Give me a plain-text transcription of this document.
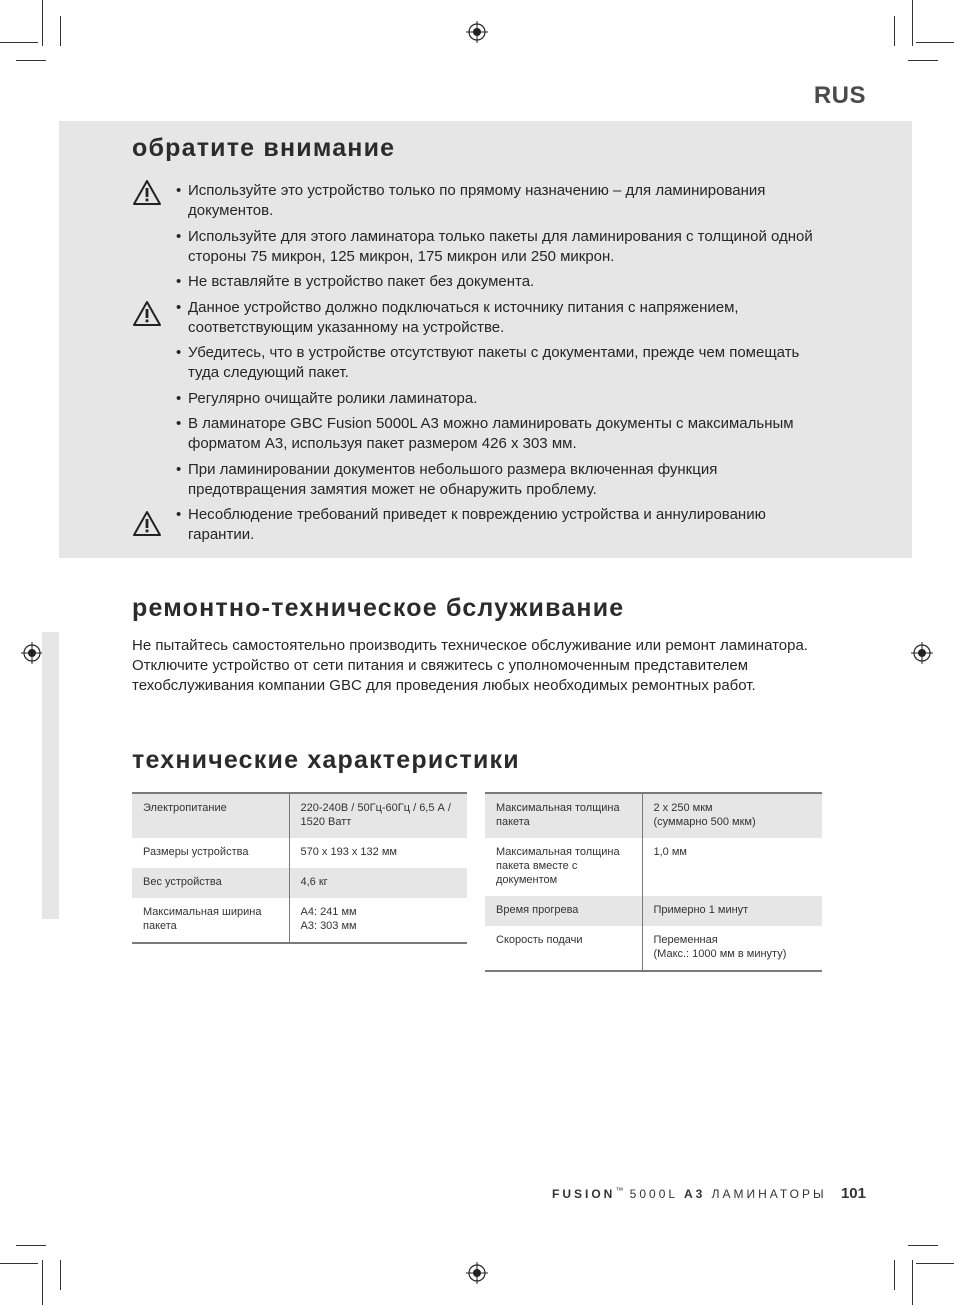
RUS
обратите внимание
• Используйте это устройство только по прямому назначению – для ламинирования документов.
• Используйте для этого ламинатора только пакеты для ламинирования с толщиной одной стороны 75 микрон, 125 микрон, 175 микрон или 250 микрон.
• Не вставляйте в устройство пакет без документа.
• Данное устройство должно подключаться к источнику питания с напряжением, соответствующим указанному на устройстве.
• Убедитесь, что в устройстве отсутствуют пакеты с документами, прежде чем помещать туда следующий пакет.
• Регулярно очищайте ролики ламинатора.
• В ламинаторе GBC Fusion 5000L A3 можно ламинировать документы с максимальным форматом A3, используя пакет размером 426 x 303 мм.
• При ламинировании документов небольшого размера включенная функция предотвращения замятия может не обнаружить проблему.
• Несоблюдение требований приведет к повреждению устройства и аннулированию гарантии.
ремонтно-техническое бслуживание

Не пытайтесь самостоятельно производить техническое обслуживание или ремонт ламинатора. Отключите устройство от сети питания и свяжитесь с уполномоченным представителем техобслуживания компании GBC для проведения любых необходимых ремонтных работ.

технические характеристики
Электропитание	220-240В / 50Гц-60Гц / 6,5 А / 1520 Ватт
Размеры устройства	570 x 193 x 132 мм
Вес устройства	4,6 кг
Максимальная ширина пакета	A4: 241 мм
A3: 303 мм
Максимальная толщина пакета	2 x 250 мкм
(суммарно 500 мкм)
Максимальная толщина пакета вместе с документом	1,0 мм
Время прогрева	Примерно 1 минут
Скорость подачи	Переменная
(Макс.: 1000 мм в минуту)
FUSION™ 5000L A3 ЛАМИНАТОРЫ 101
